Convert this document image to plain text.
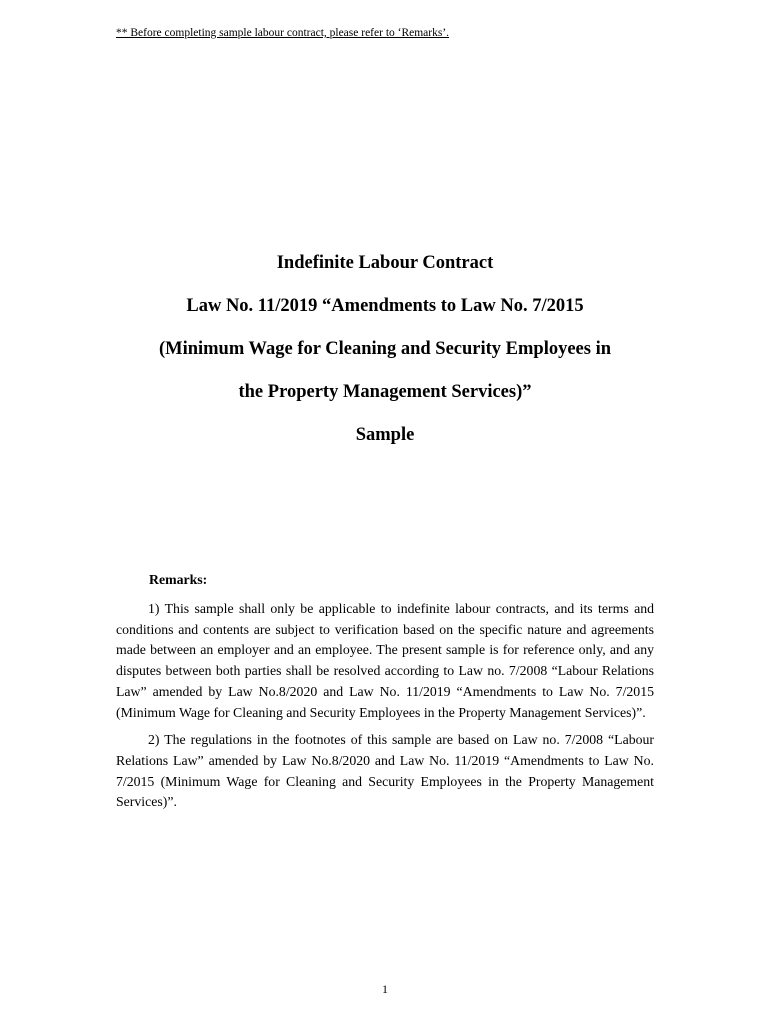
** Before completing sample labour contract, please refer to ‘Remarks’.
Indefinite Labour Contract
Law No. 11/2019 “Amendments to Law No. 7/2015
(Minimum Wage for Cleaning and Security Employees in
the Property Management Services)”
Sample
Remarks:

1) This sample shall only be applicable to indefinite labour contracts, and its terms and conditions and contents are subject to verification based on the specific nature and agreements made between an employer and an employee. The present sample is for reference only, and any disputes between both parties shall be resolved according to Law no. 7/2008 “Labour Relations Law” amended by Law No.8/2020 and Law No. 11/2019 “Amendments to Law No. 7/2015 (Minimum Wage for Cleaning and Security Employees in the Property Management Services)”.

2) The regulations in the footnotes of this sample are based on Law no. 7/2008 “Labour Relations Law” amended by Law No.8/2020 and Law No. 11/2019 “Amendments to Law No. 7/2015 (Minimum Wage for Cleaning and Security Employees in the Property Management Services)”.

1
